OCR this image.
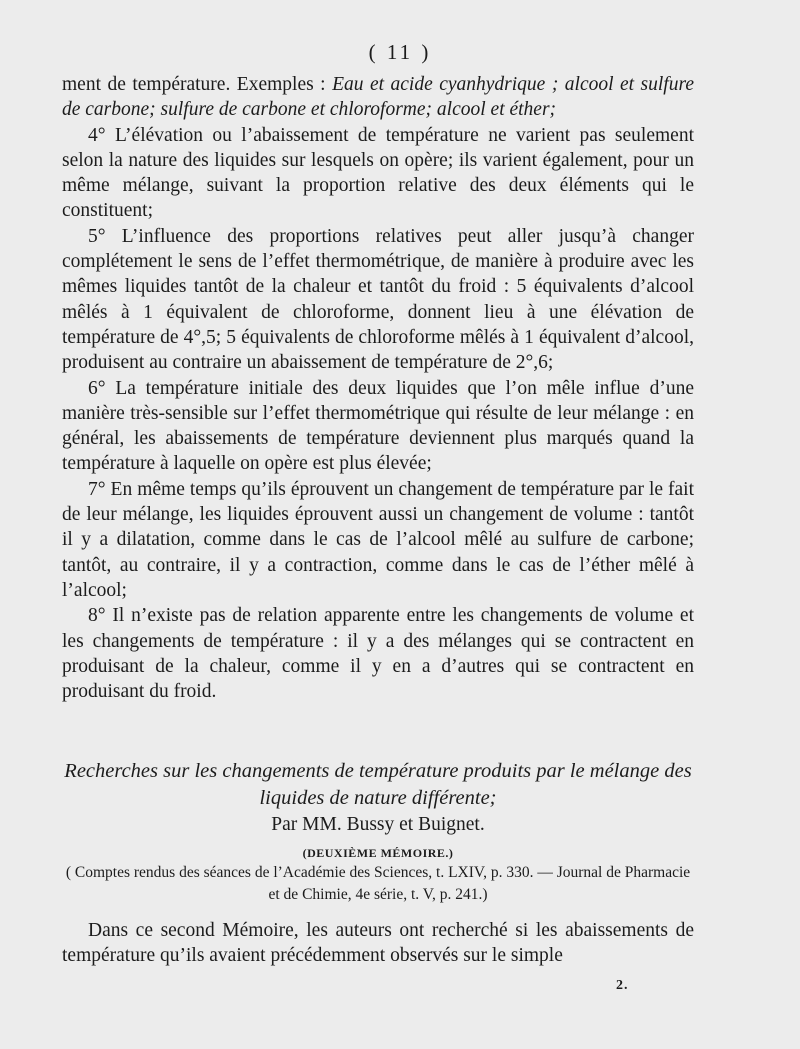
( 11 )

ment de température. Exemples : Eau et acide cyanhydrique ; alcool et sulfure de carbone; sulfure de carbone et chloroforme; alcool et éther;

4° L’élévation ou l’abaissement de température ne varient pas seulement selon la nature des liquides sur lesquels on opère; ils varient également, pour un même mélange, suivant la proportion relative des deux éléments qui le constituent;

5° L’influence des proportions relatives peut aller jusqu’à changer complétement le sens de l’effet thermométrique, de manière à produire avec les mêmes liquides tantôt de la chaleur et tantôt du froid : 5 équivalents d’alcool mêlés à 1 équivalent de chloroforme, donnent lieu à une élévation de température de 4°,5; 5 équivalents de chloroforme mêlés à 1 équivalent d’alcool, produisent au contraire un abaissement de température de 2°,6;

6° La température initiale des deux liquides que l’on mêle influe d’une manière très-sensible sur l’effet thermométrique qui résulte de leur mélange : en général, les abaissements de température deviennent plus marqués quand la température à laquelle on opère est plus élevée;

7° En même temps qu’ils éprouvent un changement de température par le fait de leur mélange, les liquides éprouvent aussi un changement de volume : tantôt il y a dilatation, comme dans le cas de l’alcool mêlé au sulfure de carbone; tantôt, au contraire, il y a contraction, comme dans le cas de l’éther mêlé à l’alcool;

8° Il n’existe pas de relation apparente entre les changements de volume et les changements de température : il y a des mélanges qui se contractent en produisant de la chaleur, comme il y en a d’autres qui se contractent en produisant du froid.

Recherches sur les changements de température produits par le mélange des liquides de nature différente;
Par MM. Bussy et Buignet.
(DEUXIÈME MÉMOIRE.)
( Comptes rendus des séances de l’Académie des Sciences, t. LXIV, p. 330. — Journal de Pharmacie et de Chimie, 4e série, t. V, p. 241.)

Dans ce second Mémoire, les auteurs ont recherché si les abaissements de température qu’ils avaient précédemment observés sur le simple

2.
